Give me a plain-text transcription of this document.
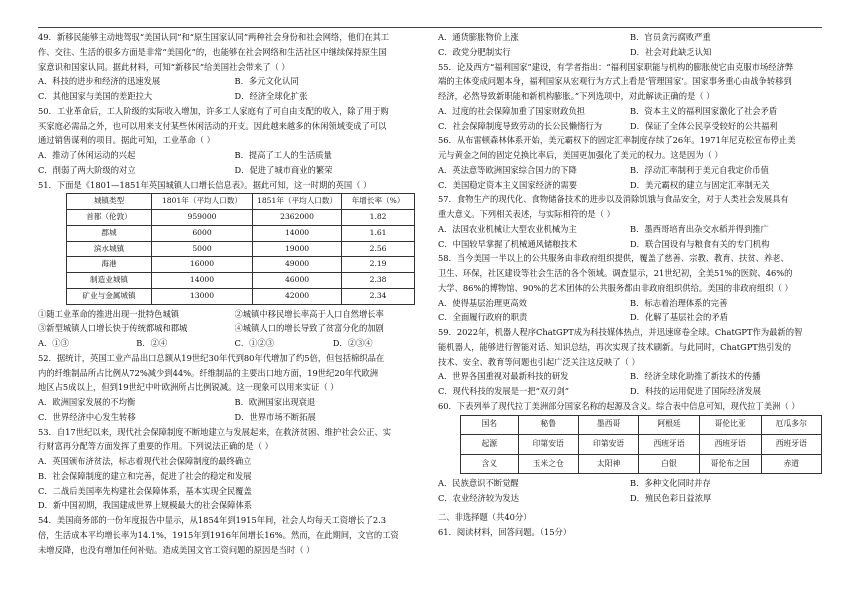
49．新移民能够主动地驾驭“美国认同”和“原生国家认同”两种社会身份和社会网络，他们在其工
作、交往、生活的很多方面是非常“美国化”的，也能够在社会网络和生活社区中继续保持原生国
家意识和国家认同。据此材料，可知“新移民”给美国社会带来了（ ）
A．科技的进步和经济的迅速发展	B．多元文化认同
C．其他国家与美国的差距拉大	D．经济全球化扩张
50．工业革命后，工人阶级的实际收入增加，许多工人家庭有了可自由支配的收入，除了用于购
买家庭必需品之外，也可以用来支付某些休闲活动的开支。因此越来越多的休闲领域变成了可以
通过销售谋利的项目。据此可知，工业革命（ ）
A．推动了休闲运动的兴起	B．提高了工人的生活质量
C．削弱了两大阶级的对立	D．促进了城市商业的繁荣
51．下面是《1801—1851年英国城镇人口增长信息表》。据此可知，这一时期的英国（ ）
城镇类型	1801年（平均人口数）	1851年（平均人口数）	年增长率（%）
首都（伦敦）	959000	2362000	1.82
郡城	6000	14000	1.61
滨水城镇	5000	19000	2.56
海港	16000	49000	2.19
制造业城镇	14000	46000	2.38
矿业与金属城镇	13000	42000	2.34
①随工业革命的推进出现一批特色城镇	②城镇中移民增长率高于人口自然增长率
③新型城镇人口增长快于传统都城和郡城	④城镇人口的增长导致了贫富分化的加剧
A．①③	B．②④	C．①②③	D．②③④
52．据统计，英国工业产品出口总额从19世纪30年代到80年代增加了约5倍，但包括棉织品在
内的纤维制品所占比例从72%减少到44%。纤维制品的主要出口地方面，19世纪20年代欧洲
地区占5成以上，但到19世纪中叶欧洲所占比例锐减。这一现象可以用来实证（ ）
A．欧洲国家发展的不均衡	B．欧洲国家出现衰退
C．世界经济中心发生转移	D．世界市场不断拓展
53．自17世纪以来，现代社会保障制度不断地建立与发展起来，在救济贫困、维护社会公正、实
行财富再分配等方面发挥了重要的作用。下列说法正确的是（ ）
A．英国颁布济贫法，标志着现代社会保障制度的最终确立
B．社会保障制度的建立和完善，促进了社会的稳定和发展
C．二战后美国率先构建社会保障体系，基本实现全民覆盖
D．新中国初期，我国建成世界上规模最大的社会保障体系
54．美国商务部的一份年度报告中显示，从1854年到1915年间，社会人均每天工资增长了2.3
倍，生活成本平均增长率为14.1%，1915年到1916年间增长16%。然而，在此期间，文官的工资
未增反降，也没有增加任何补贴。造成美国文官工资问题的原因是当时（ ）
A．通货膨胀物价上涨	B．官员贪污腐败严重
C．政党分肥制实行	D．社会对此缺乏认知
55．论及西方“福利国家”建设，有学者指出：“福利国家职能与机构的膨胀使它由克服市场经济弊
端的主体变成问题本身，福利国家从宏观行为方式上看是‘管理国家’。国家事务重心由战争转移到
经济，必然导致新职能和新机构膨胀。”下列选项中，对此解读正确的是（ ）
A．过度的社会保障加重了国家财政负担	B．资本主义的福利国家激化了社会矛盾
C．社会保障制度导致劳动的长公民懒惰行为	D．保证了全体公民享受较好的公共福利
56．从布雷顿森林体系开始，美元霸权下的固定汇率制度存续了26年。1971年尼克松宣布停止美
元与黄金之间的固定兑换比率后，美国更加强化了美元的权力。这是因为（ ）
A．英法意等欧洲国家综合国力的下降	B．浮动汇率制利于美元自我定价币值
C．美国稳定资本主义国家经济的需要	D．美元霸权的建立与固定汇率制无关
57．食物生产的现代化、食物储备技术的进步以及消除饥饿与食品安全，对于人类社会发展具有
重大意义。下列相关表述，与实际相符的是（ ）
A．法国农业机械让大型农业机械为主	B．墨西哥培育出杂交水稻并得到推广
C．中国较早掌握了机械通风储粮技术	D．联合国设有与粮食有关的专门机构
58．当今美国一半以上的公共服务由非政府组织提供，覆盖了慈善、宗教、教育、扶贫、养老、
卫生、环保，社区建设等社会生活的各个领域。调查显示，21世纪初，全美51%的医院、46%的
大学、86%的博物馆、90%的艺术团体的公共服务都由非政府组织供给。美国的非政府组织（ ）
A．使得基层治理更高效	B．标志着治理体系的完善
C．全面履行政府的职责	D．化解了基层社会的矛盾
59．2022年，机器人程序ChatGPT成为科技媒体热点，并迅速席卷全球。ChatGPT作为最新的智
能机器人，能够进行智能对话、知识总结，再次实现了技术刷新。与此同时，ChatGPT热引发的
技术、安全、教育等问题也引起广泛关注这反映了（ ）
A．世界各国重视对最新科技的研发	B．经济全球化助推了新技术的传播
C．现代科技的发展是一把“双刃剑”	D．科技的运用促进了国际经济发展
60．下表列举了现代拉丁美洲部分国家名称的起源及含义。综合表中信息可知，现代拉丁美洲（ ）
国名	秘鲁	墨西哥	阿根廷	哥伦比亚	厄瓜多尔
起源	印第安语	印第安语	西班牙语	西班牙语	西班牙语
含义	玉米之仓	太阳神	白银	哥伦布之国	赤道
A．民族意识不断觉醒	B．多种文化同时并存
C．农业经济较为发达	D．殖民色彩日益浓厚
二、非选择题（共40分）
61．阅读材料，回答问题。（15分）
